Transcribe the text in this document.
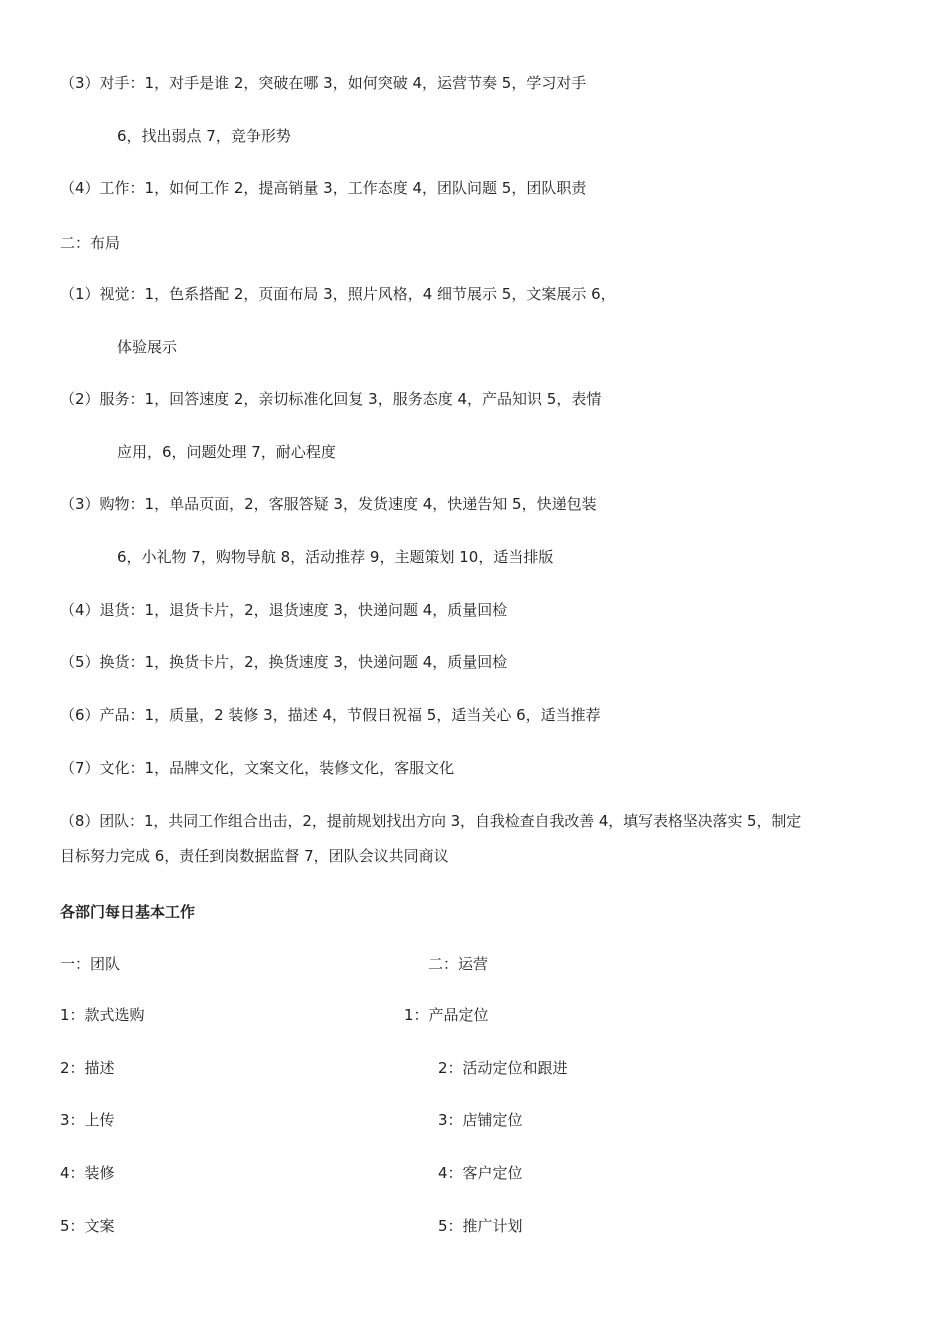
（3）对手：1，对手是谁 2，突破在哪 3，如何突破 4，运营节奏 5，学习对手
6，找出弱点 7，竞争形势
（4）工作：1，如何工作 2，提高销量 3，工作态度 4，团队问题 5，团队职责
二：布局
（1）视觉：1，色系搭配 2，页面布局 3，照片风格，4 细节展示 5，文案展示 6，
体验展示
（2）服务：1，回答速度 2，亲切标准化回复 3，服务态度 4，产品知识 5，表情
应用，6，问题处理 7，耐心程度
（3）购物：1，单品页面，2，客服答疑 3，发货速度 4，快递告知 5，快递包装
6，小礼物 7，购物导航 8，活动推荐 9，主题策划 10，适当排版
（4）退货：1，退货卡片，2，退货速度 3，快递问题 4，质量回检
（5）换货：1，换货卡片，2，换货速度 3，快递问题 4，质量回检
（6）产品：1，质量，2 装修 3，描述 4，节假日祝福 5，适当关心 6，适当推荐
（7）文化：1，品牌文化，文案文化，装修文化，客服文化
（8）团队：1，共同工作组合出击，2，提前规划找出方向 3，自我检查自我改善 4，填写表格坚决落实 5，制定
目标努力完成 6，责任到岗数据监督 7，团队会议共同商议
各部门每日基本工作
一：团队	二：运营
1：款式选购	1：产品定位
2：描述	2：活动定位和跟进
3：上传	3：店铺定位
4：装修	4：客户定位
5：文案	5：推广计划
